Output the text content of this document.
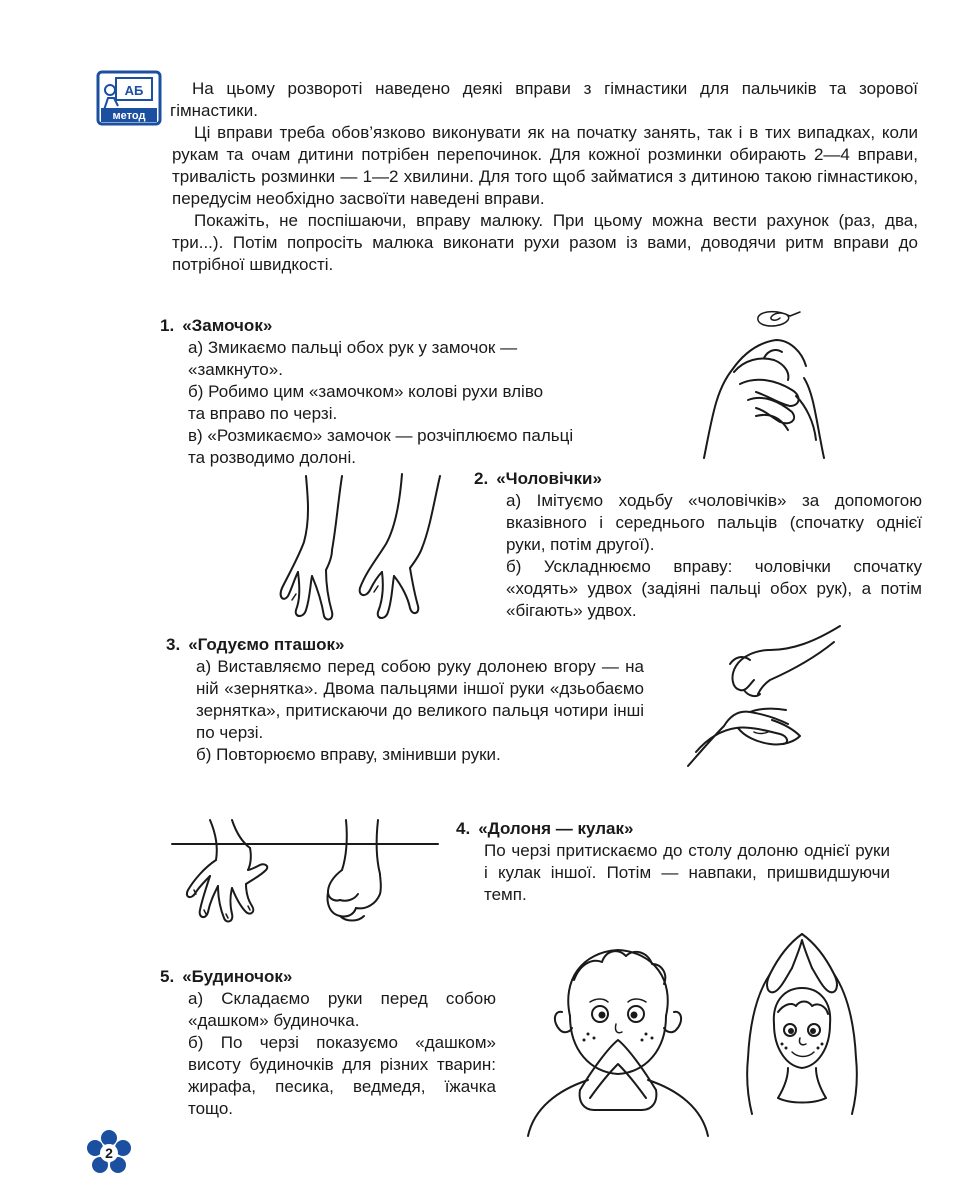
АБ
метод

На цьому розвороті наведено деякі вправи з гімнастики для пальчиків та зорової гімнастики.

Ці вправи треба обов’язково виконувати як на початку занять, так і в тих випадках, коли рукам та очам дитини потрібен перепочинок. Для кожної розминки обирають 2—4 вправи, тривалість розминки — 1—2 хвилини. Для того щоб займатися з дитиною такою гімнастикою, передусім необхідно засвоїти наведені вправи.

Покажіть, не поспішаючи, вправу малюку. При цьому можна вести рахунок (раз, два, три...). Потім попросіть малюка виконати рухи разом із вами, доводячи ритм вправи до потрібної швидкості.

1. «Замочок»

а) Змикаємо пальці обох рук у замочок —

«замкнуто».

б) Робимо цим «замочком» колові рухи вліво

та вправо по черзі.

в) «Розмикаємо» замочок — розчіплюємо пальці

та розводимо долоні.

2. «Чоловічки»

а) Імітуємо ходьбу «чоловічків» за допомогою вказівного і середнього пальців (спочатку однієї руки, потім другої).

б) Ускладнюємо вправу: чоловічки спочатку «ходять» удвох (задіяні пальці обох рук), а потім «бігають» удвох.

3. «Годуємо пташок»

а) Виставляємо перед собою руку долонею вгору — на ній «зернятка». Двома пальцями іншої руки «дзьобаємо зернятка», притискаючи до великого пальця чотири інші по черзі.

б) Повторюємо вправу, змінивши руки.

4. «Долоня — кулак»

По черзі притискаємо до столу долоню однієї руки і кулак іншої. Потім — навпаки, пришвидшуючи темп.

5. «Будиночок»

а) Складаємо руки перед собою «дашком» будиночка.

б) По черзі показуємо «дашком» висоту будиночків для різних тварин: жирафа, песика, ведмедя, їжачка тощо.

2
